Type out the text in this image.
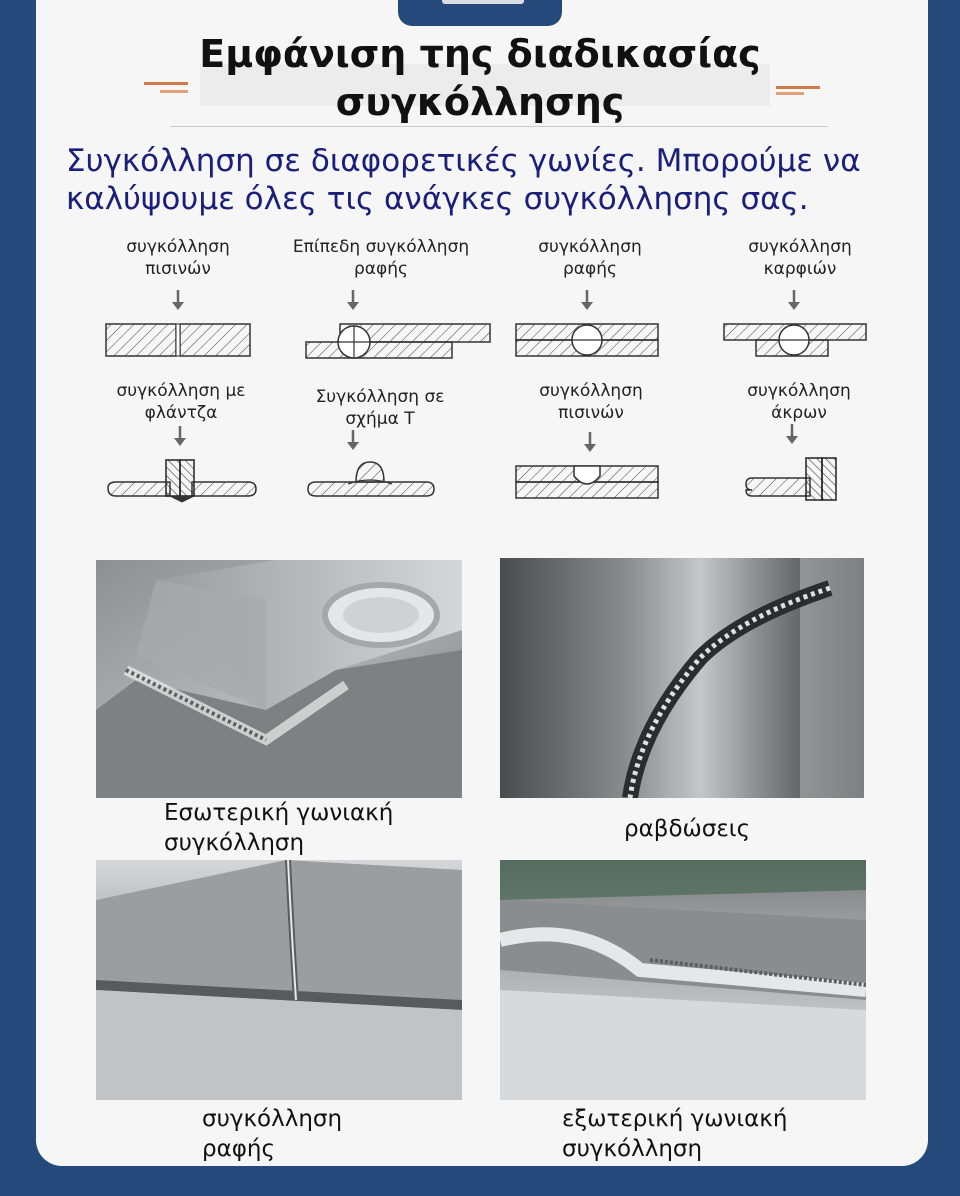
Εμφάνιση της διαδικασίας συγκόλλησης
Συγκόλληση σε διαφορετικές γωνίες. Μπορούμε να καλύψουμε όλες τις ανάγκες συγκόλλησης σας.
συγκόλληση πισινών
Επίπεδη συγκόλληση ραφής
συγκόλληση ραφής
συγκόλληση καρφιών
συγκόλληση με φλάντζα
Συγκόλληση σε σχήμα T
συγκόλληση πισινών
συγκόλληση άκρων
Εσωτερική γωνιακή συγκόλληση
ραβδώσεις
συγκόλληση ραφής
εξωτερική γωνιακή συγκόλληση
